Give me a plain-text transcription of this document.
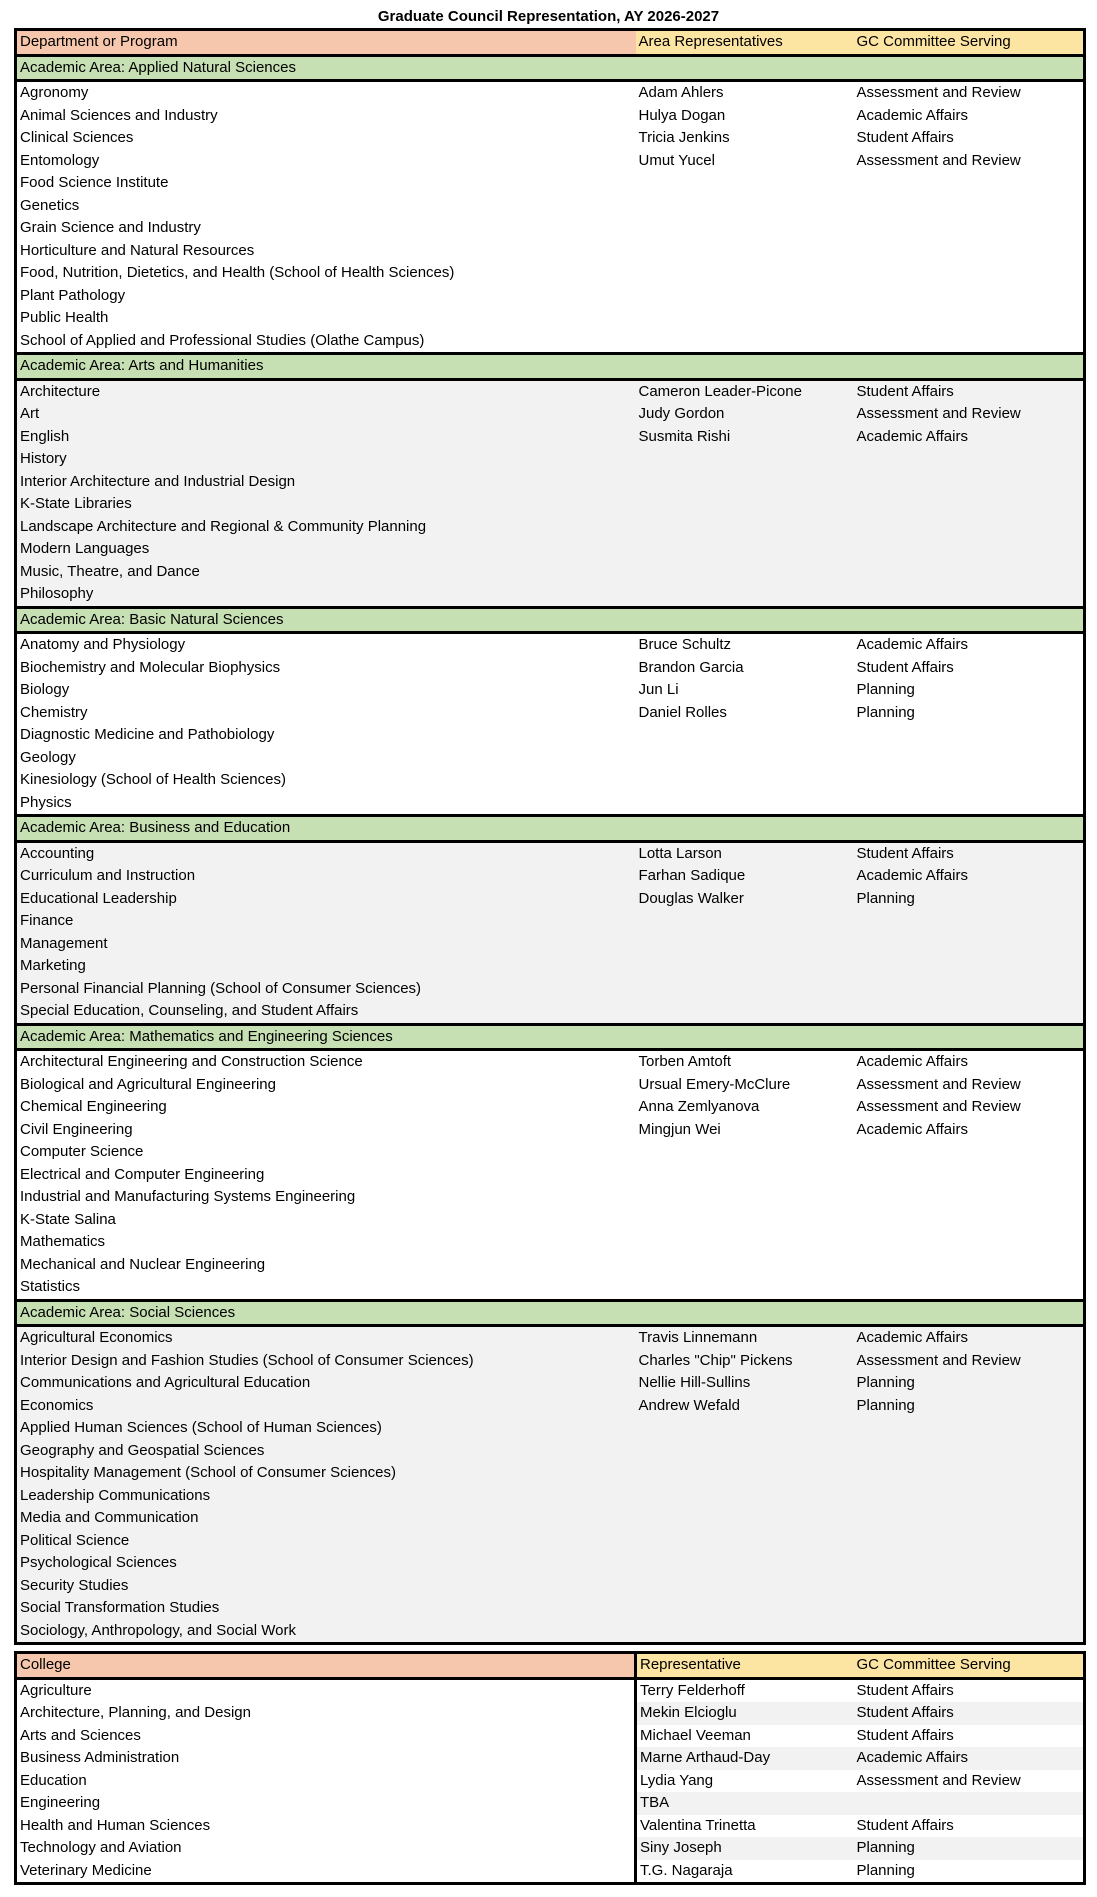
Graduate Council Representation, AY 2026-2027
Department or Program	Area Representatives	GC Committee Serving
Academic Area: Applied Natural Sciences		
Agronomy	Adam Ahlers	Assessment and Review
Animal Sciences and Industry	Hulya Dogan	Academic Affairs
Clinical Sciences	Tricia Jenkins	Student Affairs
Entomology	Umut Yucel	Assessment and Review
Food Science Institute		
Genetics		
Grain Science and Industry		
Horticulture and Natural Resources		
Food, Nutrition, Dietetics, and Health (School of Health Sciences)		
Plant Pathology		
Public Health		
School of Applied and Professional Studies (Olathe Campus)		
Academic Area: Arts and Humanities		
Architecture	Cameron Leader-Picone	Student Affairs
Art	Judy Gordon	Assessment and Review
English	Susmita Rishi	Academic Affairs
History		
Interior Architecture and Industrial Design		
K-State Libraries		
Landscape Architecture and Regional & Community Planning		
Modern Languages		
Music, Theatre, and Dance		
Philosophy		
Academic Area: Basic Natural Sciences		
Anatomy and Physiology	Bruce Schultz	Academic Affairs
Biochemistry and Molecular Biophysics	Brandon Garcia	Student Affairs
Biology	Jun Li	Planning
Chemistry	Daniel Rolles	Planning
Diagnostic Medicine and Pathobiology		
Geology		
Kinesiology (School of Health Sciences)		
Physics		
Academic Area: Business and Education		
Accounting	Lotta Larson	Student Affairs
Curriculum and Instruction	Farhan Sadique	Academic Affairs
Educational Leadership	Douglas Walker	Planning
Finance		
Management		
Marketing		
Personal Financial Planning (School of Consumer Sciences)		
Special Education, Counseling, and Student Affairs		
Academic Area: Mathematics and Engineering Sciences		
Architectural Engineering and Construction Science	Torben Amtoft	Academic Affairs
Biological and Agricultural Engineering	Ursual Emery-McClure	Assessment and Review
Chemical Engineering	Anna Zemlyanova	Assessment and Review
Civil Engineering	Mingjun Wei	Academic Affairs
Computer Science		
Electrical and Computer Engineering		
Industrial and Manufacturing Systems Engineering		
K-State Salina		
Mathematics		
Mechanical and Nuclear Engineering		
Statistics		
Academic Area: Social Sciences		
Agricultural Economics	Travis Linnemann	Academic Affairs
Interior Design and Fashion Studies (School of Consumer Sciences)	Charles "Chip" Pickens	Assessment and Review
Communications and Agricultural Education	Nellie Hill-Sullins	Planning
Economics	Andrew Wefald	Planning
Applied Human Sciences (School of Human Sciences)		
Geography and Geospatial Sciences		
Hospitality Management (School of Consumer Sciences)		
Leadership Communications		
Media and Communication		
Political Science		
Psychological Sciences		
Security Studies		
Social Transformation Studies		
Sociology, Anthropology, and Social Work		
College	Representative	GC Committee Serving
Agriculture	Terry Felderhoff	Student Affairs
Architecture, Planning, and Design	Mekin Elcioglu	Student Affairs
Arts and Sciences	Michael Veeman	Student Affairs
Business Administration	Marne Arthaud-Day	Academic Affairs
Education	Lydia Yang	Assessment and Review
Engineering	TBA	
Health and Human Sciences	Valentina Trinetta	Student Affairs
Technology and Aviation	Siny Joseph	Planning
Veterinary Medicine	T.G. Nagaraja	Planning
